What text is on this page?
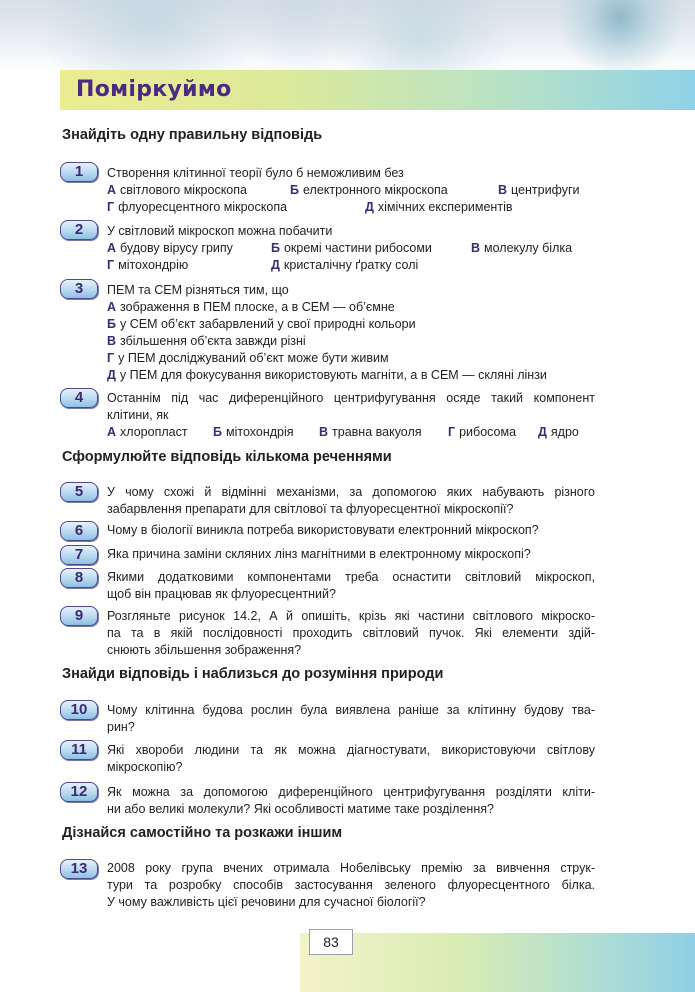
Поміркуймо
Знайдіть одну правильну відповідь
1	Створення клітинної теорії було б неможливим без
А світлового мікроскопа	Б електронного мікроскопа	В центрифуги
Г флуоресцентного мікроскопа	Д хімічних експериментів
2	У світловий мікроскоп можна побачити
А будову вірусу грипу	Б окремі частини рибосоми	В молекулу білка
Г мітохондрію	Д кристалічну ґратку солі
3	ПЕМ та СЕМ різняться тим, що
А зображення в ПЕМ плоске, а в СЕМ — об’ємне
Б у СЕМ об’єкт забарвлений у свої природні кольори
В збільшення об’єкта завжди різні
Г у ПЕМ досліджуваний об’єкт може бути живим
Д у ПЕМ для фокусування використовують магніти, а в СЕМ — скляні лінзи
4	Останнім під час диференційного центрифугування осяде такий компонент
клітини, як
А хлоропласт Б мітохондрія В травна вакуоля Г рибосома Д ядро
Сформулюйте відповідь кількома реченнями
5	У чому схожі й відмінні механізми, за допомогою яких набувають різного
забарвлення препарати для світлової та флуоресцентної мікроскопії?
6	Чому в біології виникла потреба використовувати електронний мікроскоп?
7	Яка причина заміни скляних лінз магнітними в електронному мікроскопі?
8	Якими додатковими компонентами треба оснастити світловий мікроскоп,
щоб він працював як флуоресцентний?
9	Розгляньте рисунок 14.2, А й опишіть, крізь які частини світлового мікроско-
па та в якій послідовності проходить світловий пучок. Які елементи здій-
снюють збільшення зображення?
Знайди відповідь і наблизься до розуміння природи
10	Чому клітинна будова рослин була виявлена раніше за клітинну будову тва-
рин?
11	Які хвороби людини та як можна діагностувати, використовуючи світлову
мікроскопію?
12	Як можна за допомогою диференційного центрифугування розділяти кліти-
ни або великі молекули? Які особливості матиме таке розділення?
Дізнайся самостійно та розкажи іншим
13	2008 року група вчених отримала Нобелівську премію за вивчення струк-
тури та розробку способів застосування зеленого флуоресцентного білка.
У чому важливість цієї речовини для сучасної біології?
83
